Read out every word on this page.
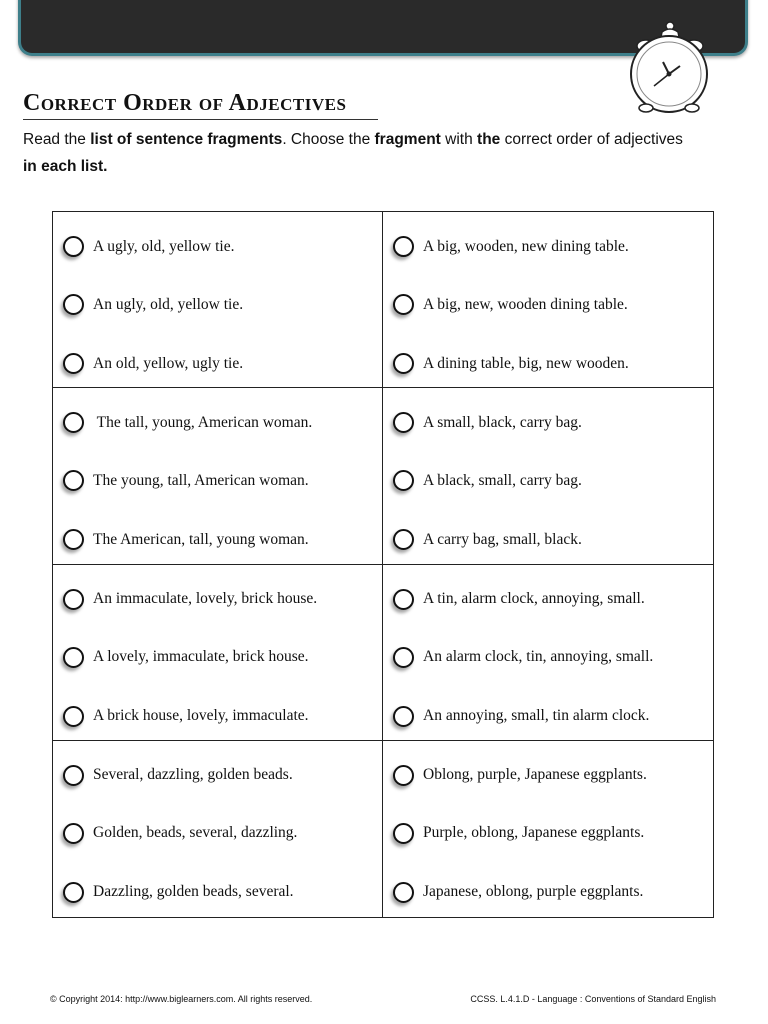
Correct Order of Adjectives

Read the list of sentence fragments. Choose the fragment with the correct order of adjectives
in each list.

A ugly, old, yellow tie.
An ugly, old, yellow tie.
An old, yellow, ugly tie.
A big, wooden, new dining table.
A big, new, wooden dining table.
A dining table, big, new wooden.
The tall, young, American woman.
The young, tall, American woman.
The American, tall, young woman.
A small, black, carry bag.
A black, small, carry bag.
A carry bag, small, black.
An immaculate, lovely, brick house.
A lovely, immaculate, brick house.
A brick house, lovely, immaculate.
A tin, alarm clock, annoying, small.
An alarm clock, tin, annoying, small.
An annoying, small, tin alarm clock.
Several, dazzling, golden beads.
Golden, beads, several, dazzling.
Dazzling, golden beads, several.
Oblong, purple, Japanese eggplants.
Purple, oblong, Japanese eggplants.
Japanese, oblong, purple eggplants.
© Copyright 2014: http://www.biglearners.com. All rights reserved.	CCSS. L.4.1.D - Language : Conventions of Standard English
